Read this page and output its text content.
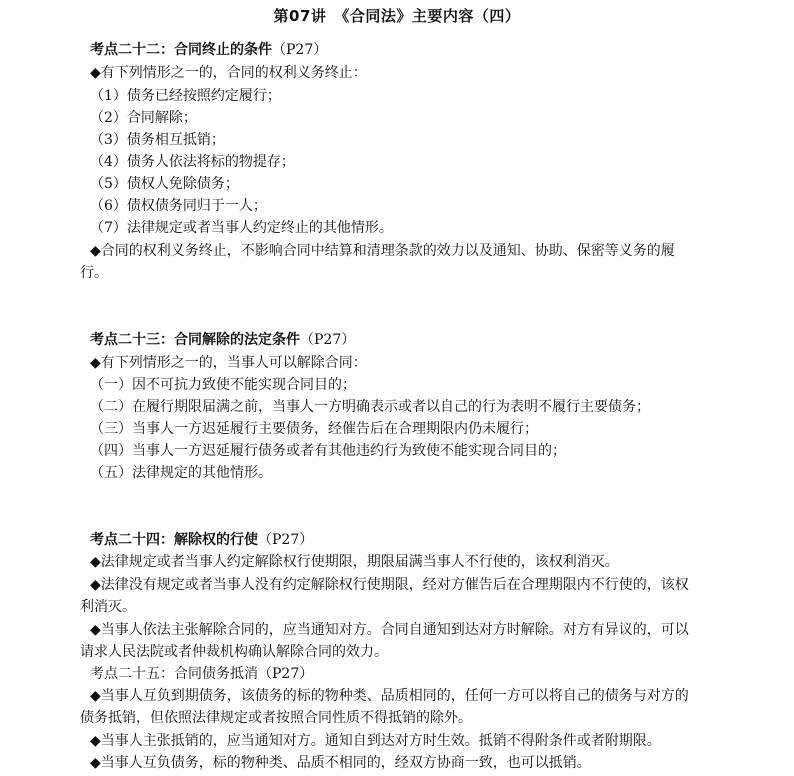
第07讲　《合同法》主要内容（四）
考点二十二：合同终止的条件（P27）
◆有下列情形之一的，合同的权利义务终止：
（1）债务已经按照约定履行；
（2）合同解除；
（3）债务相互抵销；
（4）债务人依法将标的物提存；
（5）债权人免除债务；
（6）债权债务同归于一人；
（7）法律规定或者当事人约定终止的其他情形。
◆合同的权利义务终止，不影响合同中结算和清理条款的效力以及通知、协助、保密等义务的履
行。
考点二十三：合同解除的法定条件（P27）
◆有下列情形之一的，当事人可以解除合同：
（一）因不可抗力致使不能实现合同目的；
（二）在履行期限届满之前，当事人一方明确表示或者以自己的行为表明不履行主要债务；
（三）当事人一方迟延履行主要债务，经催告后在合理期限内仍未履行；
（四）当事人一方迟延履行债务或者有其他违约行为致使不能实现合同目的；
（五）法律规定的其他情形。
考点二十四：解除权的行使（P27）
◆法律规定或者当事人约定解除权行使期限，期限届满当事人不行使的，该权利消灭。
◆法律没有规定或者当事人没有约定解除权行使期限，经对方催告后在合理期限内不行使的，该权
利消灭。
◆当事人依法主张解除合同的，应当通知对方。合同自通知到达对方时解除。对方有异议的，可以
请求人民法院或者仲裁机构确认解除合同的效力。
考点二十五：合同债务抵消（P27）
◆当事人互负到期债务，该债务的标的物种类、品质相同的，任何一方可以将自己的债务与对方的
债务抵销，但依照法律规定或者按照合同性质不得抵销的除外。
◆当事人主张抵销的，应当通知对方。通知自到达对方时生效。抵销不得附条件或者附期限。
◆当事人互负债务，标的物种类、品质不相同的，经双方协商一致，也可以抵销。
